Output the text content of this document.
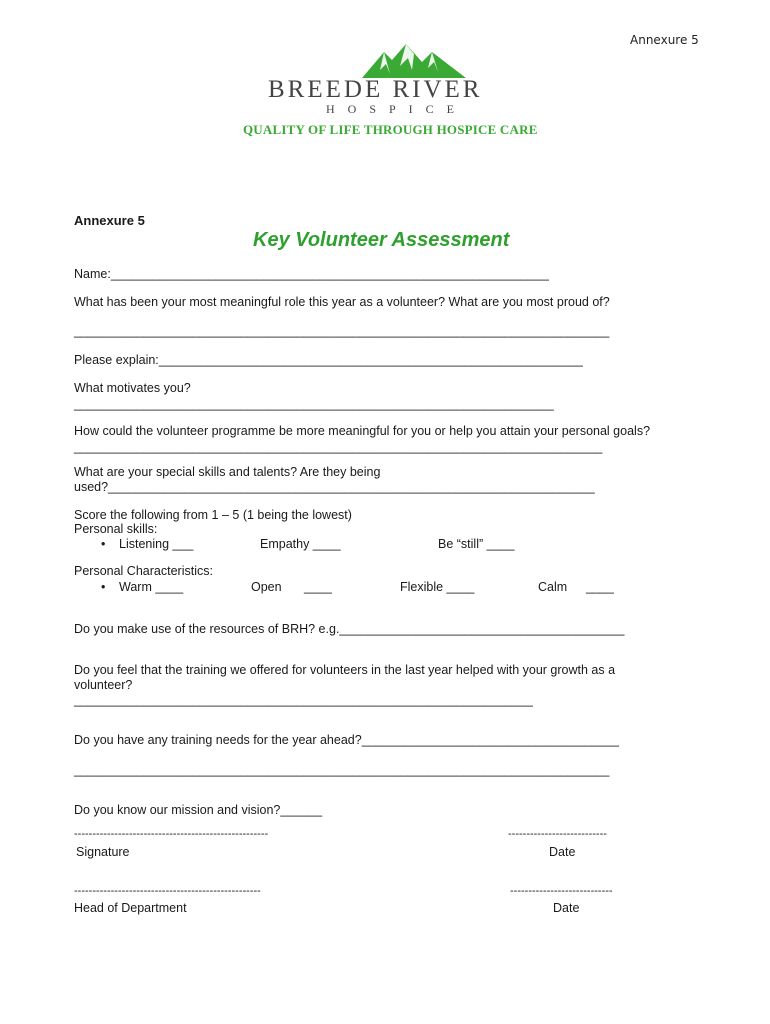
Annexure 5
BREEDE RIVER
HOSPICE
QUALITY OF LIFE THROUGH HOSPICE CARE
Annexure 5
Key Volunteer Assessment
Name:_______________________________________________________________
What has been your most meaningful role this year as a volunteer? What are you most proud of?
_____________________________________________________________________________
Please explain:_____________________________________________________________
What motivates you?
_____________________________________________________________________
How could the volunteer programme be more meaningful for you or help you attain your personal goals?
____________________________________________________________________________
What are your special skills and talents? Are they being
used?______________________________________________________________________
Score the following from 1 – 5 (1 being the lowest)
Personal skills:
• Listening ___	Empathy ____	Be “still” ____
Personal Characteristics:
• Warm ____	Open ____	Flexible ____	Calm ____
Do you make use of the resources of BRH? e.g._________________________________________
Do you feel that the training we offered for volunteers in the last year helped with your growth as a
volunteer?
__________________________________________________________________
Do you have any training needs for the year ahead?_____________________________________
_____________________________________________________________________________
Do you know our mission and vision?______
-----------------------------------------------------	---------------------------
Signature	Date
---------------------------------------------------	----------------------------
Head of Department	Date
